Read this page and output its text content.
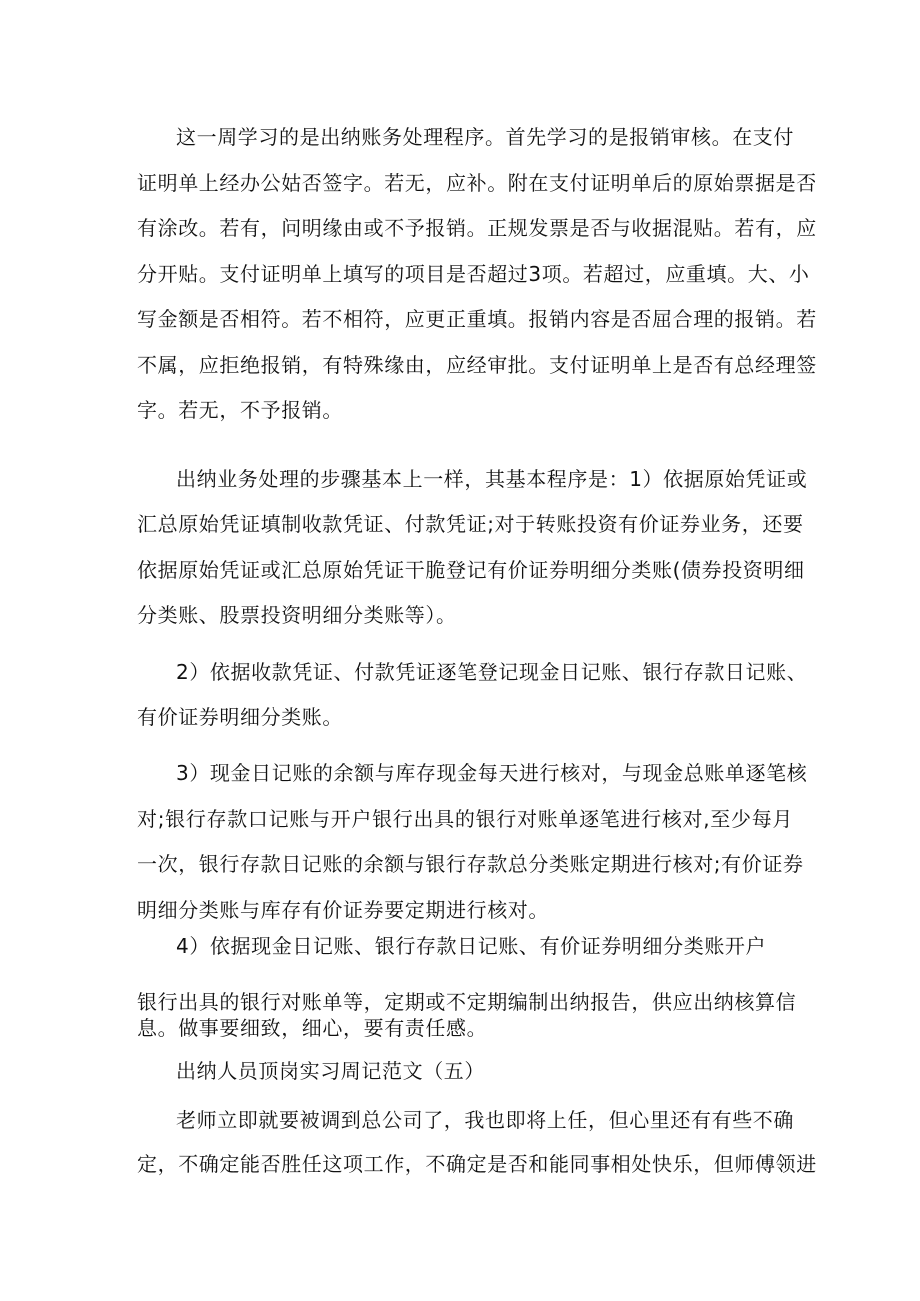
这一周学习的是出纳账务处理程序。首先学习的是报销审核。在支付
证明单上经办公姑否签字。若无，应补。附在支付证明单后的原始票据是否
有涂改。若有，问明缘由或不予报销。正规发票是否与收据混贴。若有，应
分开贴。支付证明单上填写的项目是否超过3项。若超过，应重填。大、小
写金额是否相符。若不相符，应更正重填。报销内容是否屈合理的报销。若
不属，应拒绝报销，有特殊缘由，应经审批。支付证明单上是否有总经理签
字。若无，不予报销。
出纳业务处理的步骤基本上一样，其基本程序是：1）依据原始凭证或
汇总原始凭证填制收款凭证、付款凭证;对于转账投资有价证券业务，还要
依据原始凭证或汇总原始凭证干脆登记有价证券明细分类账(债券投资明细
分类账、股票投资明细分类账等）。
2）依据收款凭证、付款凭证逐笔登记现金日记账、银行存款日记账、
有价证券明细分类账。
3）现金日记账的余额与库存现金每天进行核对，与现金总账单逐笔核
对;银行存款口记账与开户银行出具的银行对账单逐笔进行核对,至少每月
一次，银行存款日记账的余额与银行存款总分类账定期进行核对;有价证券
明细分类账与库存有价证券要定期进行核对。
4）依据现金日记账、银行存款日记账、有价证券明细分类账开户
银行出具的银行对账单等，定期或不定期编制出纳报告，供应出纳核算信
息。做事要细致，细心，要有责任感。
出纳人员顶岗实习周记范文（五）
老师立即就要被调到总公司了，我也即将上任，但心里还有有些不确
定，不确定能否胜任这项工作，不确定是否和能同事相处快乐，但师傅领进
